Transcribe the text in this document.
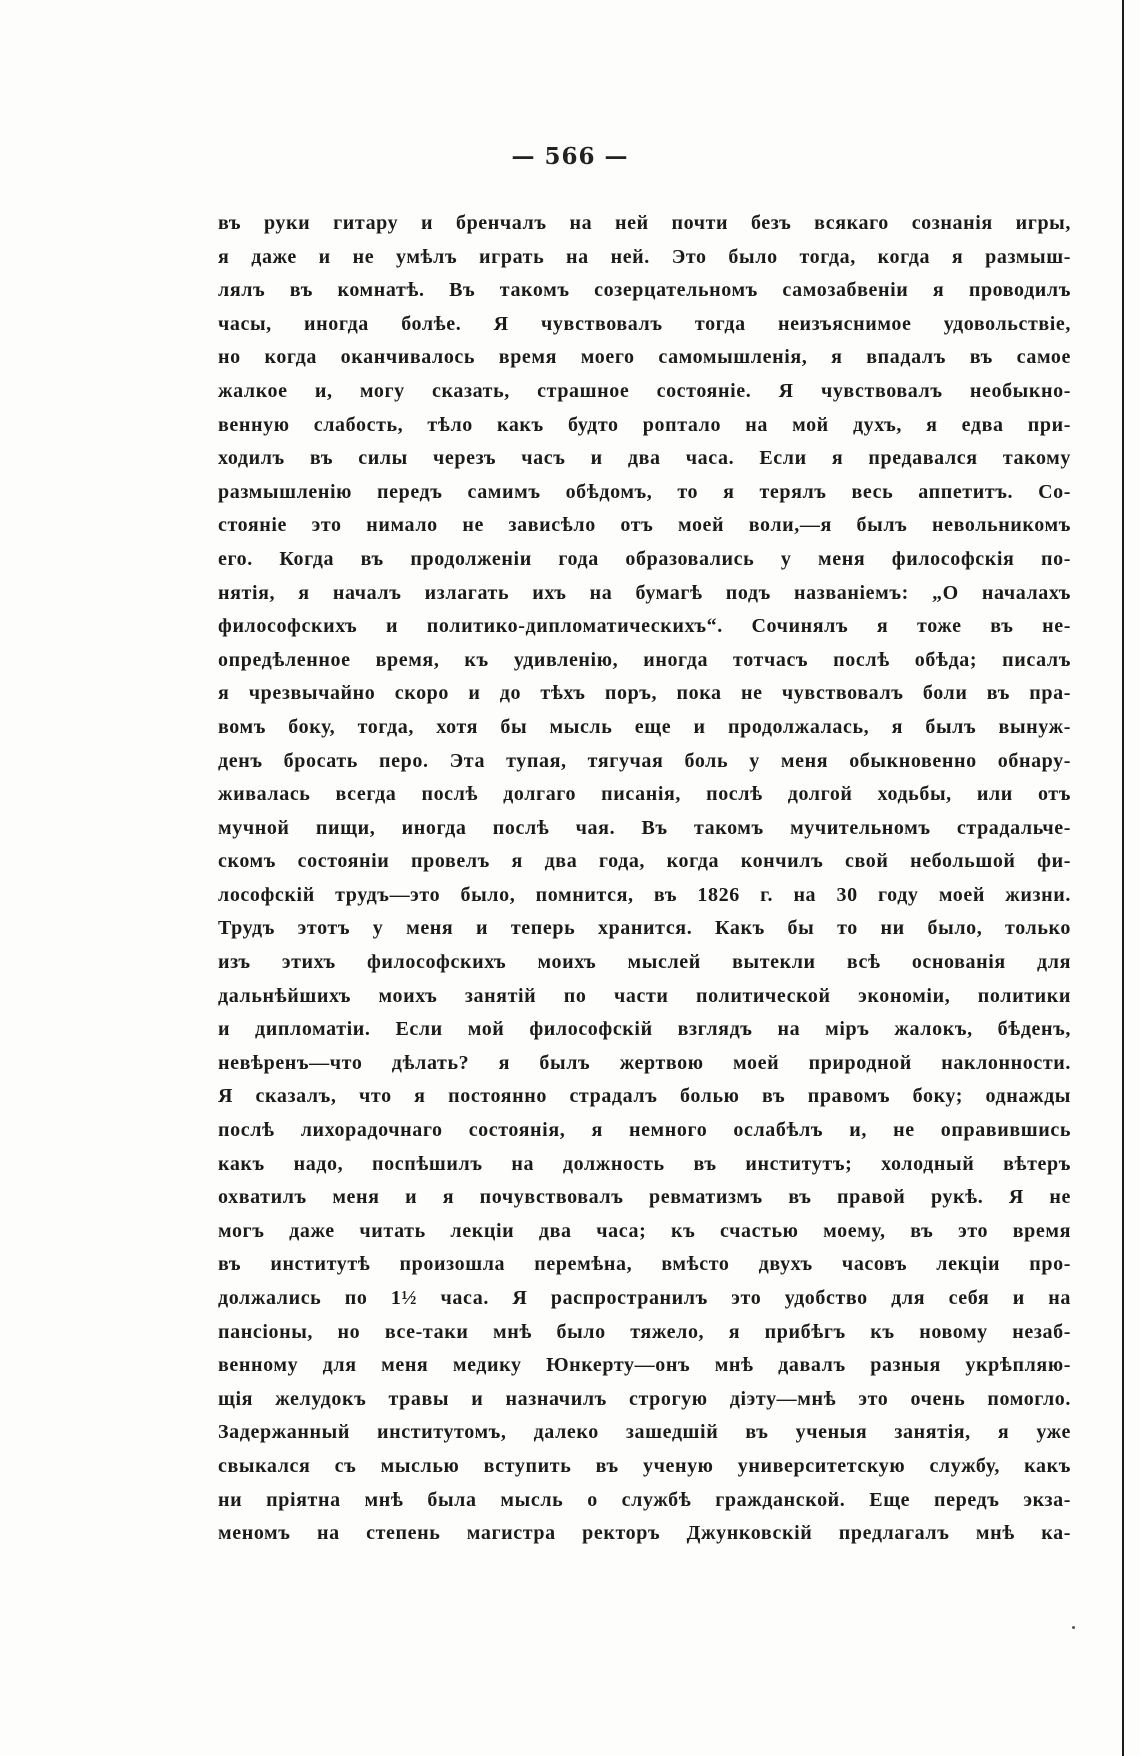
— 566 —
въ руки гитару и бренчалъ на ней почти безъ всякаго сознанія игры,
я даже и не умѣлъ играть на ней. Это было тогда, когда я размыш-
лялъ въ комнатѣ. Въ такомъ созерцательномъ самозабвеніи я проводилъ
часы, иногда болѣе. Я чувствовалъ тогда неизъяснимое удовольствіе,
но когда оканчивалось время моего самомышленія, я впадалъ въ самое
жалкое и, могу сказать, страшное состояніе. Я чувствовалъ необыкно-
венную слабость, тѣло какъ будто роптало на мой духъ, я едва при-
ходилъ въ силы черезъ часъ и два часа. Если я предавался такому
размышленію передъ самимъ обѣдомъ, то я терялъ весь аппетитъ. Со-
стояніе это нимало не зависѣло отъ моей воли,—я былъ невольникомъ
его. Когда въ продолженіи года образовались у меня философскія по-
нятія, я началъ излагать ихъ на бумагѣ подъ названіемъ: „О началахъ
философскихъ и политико-дипломатическихъ“. Сочинялъ я тоже въ не-
опредѣленное время, къ удивленію, иногда тотчасъ послѣ обѣда; писалъ
я чрезвычайно скоро и до тѣхъ поръ, пока не чувствовалъ боли въ пра-
вомъ боку, тогда, хотя бы мысль еще и продолжалась, я былъ вынуж-
денъ бросать перо. Эта тупая, тягучая боль у меня обыкновенно обнару-
живалась всегда послѣ долгаго писанія, послѣ долгой ходьбы, или отъ
мучной пищи, иногда послѣ чая. Въ такомъ мучительномъ страдальче-
скомъ состояніи провелъ я два года, когда кончилъ свой небольшой фи-
лософскій трудъ—это было, помнится, въ 1826 г. на 30 году моей жизни.
Трудъ этотъ у меня и теперь хранится. Какъ бы то ни было, только
изъ этихъ философскихъ моихъ мыслей вытекли всѣ основанія для
дальнѣйшихъ моихъ занятій по части политической экономіи, политики
и дипломатіи. Если мой философскій взглядъ на міръ жалокъ, бѣденъ,
невѣренъ—что дѣлать? я былъ жертвою моей природной наклонности.
Я сказалъ, что я постоянно страдалъ болью въ правомъ боку; однажды
послѣ лихорадочнаго состоянія, я немного ослабѣлъ и, не оправившись
какъ надо, поспѣшилъ на должность въ институтъ; холодный вѣтеръ
охватилъ меня и я почувствовалъ ревматизмъ въ правой рукѣ. Я не
могъ даже читать лекціи два часа; къ счастью моему, въ это время
въ институтѣ произошла перемѣна, вмѣсто двухъ часовъ лекціи про-
должались по 1½ часа. Я распространилъ это удобство для себя и на
пансіоны, но все-таки мнѣ было тяжело, я прибѣгъ къ новому незаб-
венному для меня медику Юнкерту—онъ мнѣ давалъ разныя укрѣпляю-
щія желудокъ травы и назначилъ строгую діэту—мнѣ это очень помогло.
Задержанный институтомъ, далеко зашедшій въ ученыя занятія, я уже
свыкался съ мыслью вступить въ ученую университетскую службу, какъ
ни пріятна мнѣ была мысль о службѣ гражданской. Еще передъ экза-
меномъ на степень магистра ректоръ Джунковскій предлагалъ мнѣ ка-
